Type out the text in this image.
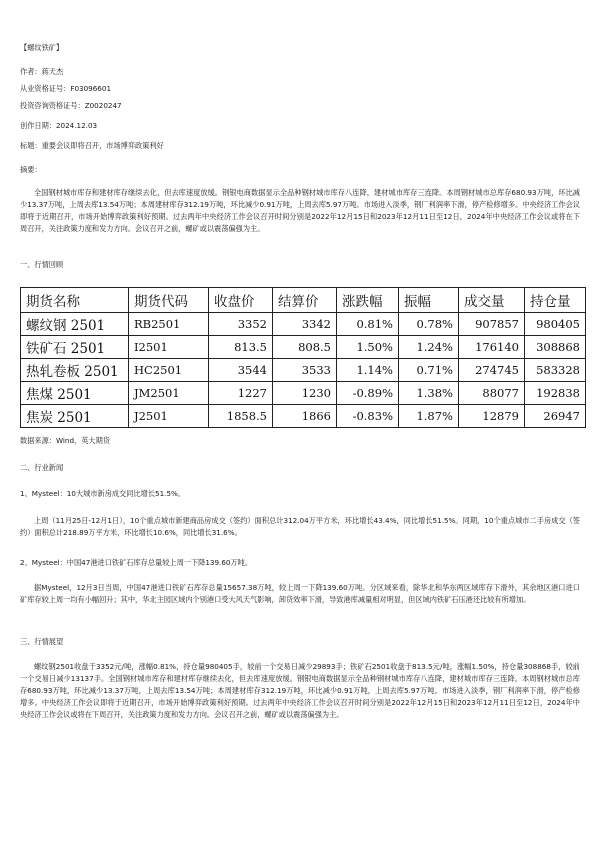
【螺纹铁矿】
作者：蒋天杰
从业资格证号：F03096601
投资咨询资格证号：Z0020247
创作日期：2024.12.03
标题：重要会议即将召开，市场博弈政策利好
摘要：
全国钢材城市库存和建材库存继续去化，但去库速度放缓。钢银电商数据显示全品种钢材城市库存八连降，建材城市库存三连降。本周钢材城市总库存680.93万吨，环比减少13.37万吨，上周去库13.54万吨；本周建材库存312.19万吨，环比减少0.91万吨，上周去库5.97万吨。市场进入淡季，钢厂利润率下滑，停产检修增多。中央经济工作会议即将于近期召开，市场开始博弈政策利好预期。过去两年中央经济工作会议召开时间分别是2022年12月15日和2023年12月11日至12日，2024年中央经济工作会议或将在下周召开，关注政策力度和发力方向。会议召开之前，螺矿或以震荡偏强为主。
一、行情回顾
期货名称	期货代码	收盘价	结算价	涨跌幅	振幅	成交量	持仓量
螺纹钢 2501	RB2501	3352	3342	0.81%	0.78%	907857	980405
铁矿石 2501	I2501	813.5	808.5	1.50%	1.24%	176140	308868
热轧卷板 2501	HC2501	3544	3533	1.14%	0.71%	274745	583328
焦煤 2501	JM2501	1227	1230	-0.89%	1.38%	88077	192838
焦炭 2501	J2501	1858.5	1866	-0.83%	1.87%	12879	26947
数据来源：Wind，英大期货
二、行业新闻
1、Mysteel：10大城市新房成交同比增长51.5%。
上周（11月25日-12月1日），10个重点城市新建商品房成交（签约）面积总计312.04万平方米，环比增长43.4%，同比增长51.5%。同期，10个重点城市二手房成交（签约）面积总计218.89万平方米，环比增长10.6%，同比增长31.6%。
2、Mysteel：中国47港进口铁矿石库存总量较上周一下降139.60万吨。
据Mysteel，12月3日当周，中国47港进口铁矿石库存总量15657.38万吨，较上周一下降139.60万吨。分区域来看，除华北和华东两区域库存下滑外，其余地区港口进口矿库存较上周一均有小幅回升；其中，华北主园区域内个别港口受大风天气影响，卸货效率下滑，导致港库减量相对明显，但区域内铁矿石压港还比较有所增加。
三、行情展望
螺纹钢2501收盘于3352元/吨，涨幅0.81%，持仓量980405手，较前一个交易日减少29893手；铁矿石2501收盘于813.5元/吨，涨幅1.50%，持仓量308868手，较前一个交易日减少13137手。全国钢材城市库存和建材库存继续去化，但去库速度放缓。钢银电商数据显示全品种钢材城市库存八连降，建材城市库存三连降。本周钢材城市总库存680.93万吨，环比减少13.37万吨，上周去库13.54万吨；本周建材库存312.19万吨，环比减少0.91万吨，上周去库5.97万吨。市场进入淡季，钢厂利润率下滑，停产检修增多。中央经济工作会议即将于近期召开，市场开始博弈政策利好预期。过去两年中央经济工作会议召开时间分别是2022年12月15日和2023年12月11日至12日，2024年中央经济工作会议或将在下周召开，关注政策力度和发力方向。会议召开之前，螺矿或以震荡偏强为主。
